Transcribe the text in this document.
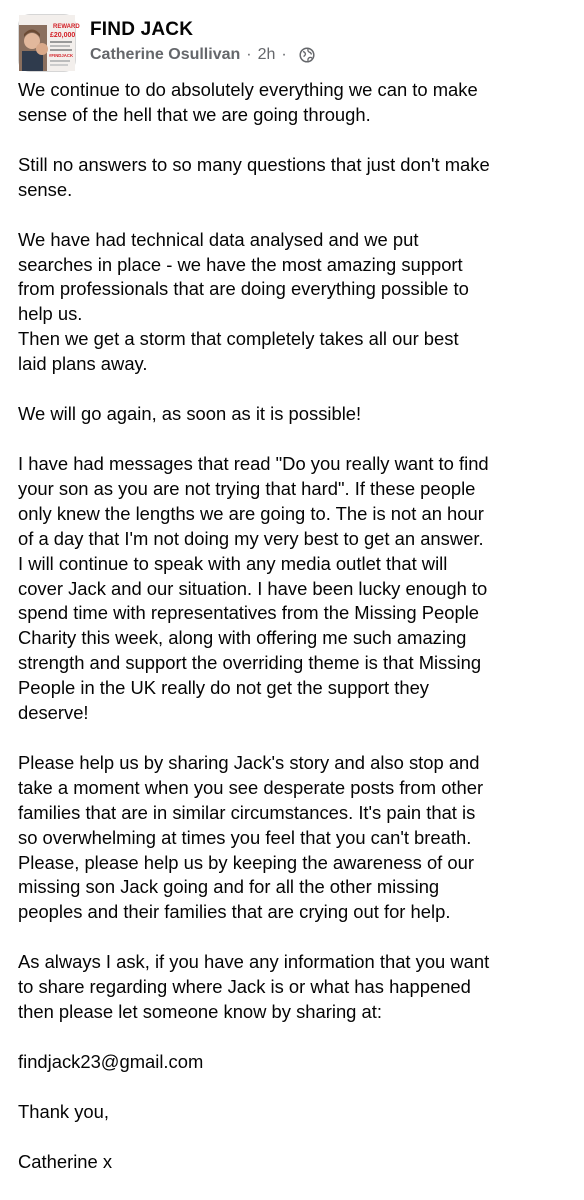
REWARD
£20,000
#FINDJACK
FIND JACK
Catherine Osullivan · 2h ·
We continue to do absolutely everything we can to make
sense of the hell that we are going through.
Still no answers to so many questions that just don't make
sense.
We have had technical data analysed and we put
searches in place - we have the most amazing support
from professionals that are doing everything possible to
help us.
Then we get a storm that completely takes all our best
laid plans away.
We will go again, as soon as it is possible!
I have had messages that read "Do you really want to find
your son as you are not trying that hard". If these people
only knew the lengths we are going to. The is not an hour
of a day that I'm not doing my very best to get an answer.
I will continue to speak with any media outlet that will
cover Jack and our situation. I have been lucky enough to
spend time with representatives from the Missing People
Charity this week, along with offering me such amazing
strength and support the overriding theme is that Missing
People in the UK really do not get the support they
deserve!
Please help us by sharing Jack's story and also stop and
take a moment when you see desperate posts from other
families that are in similar circumstances. It's pain that is
so overwhelming at times you feel that you can't breath.
Please, please help us by keeping the awareness of our
missing son Jack going and for all the other missing
peoples and their families that are crying out for help.
As always I ask, if you have any information that you want
to share regarding where Jack is or what has happened
then please let someone know by sharing at:
findjack23@gmail.com
Thank you,
Catherine x
